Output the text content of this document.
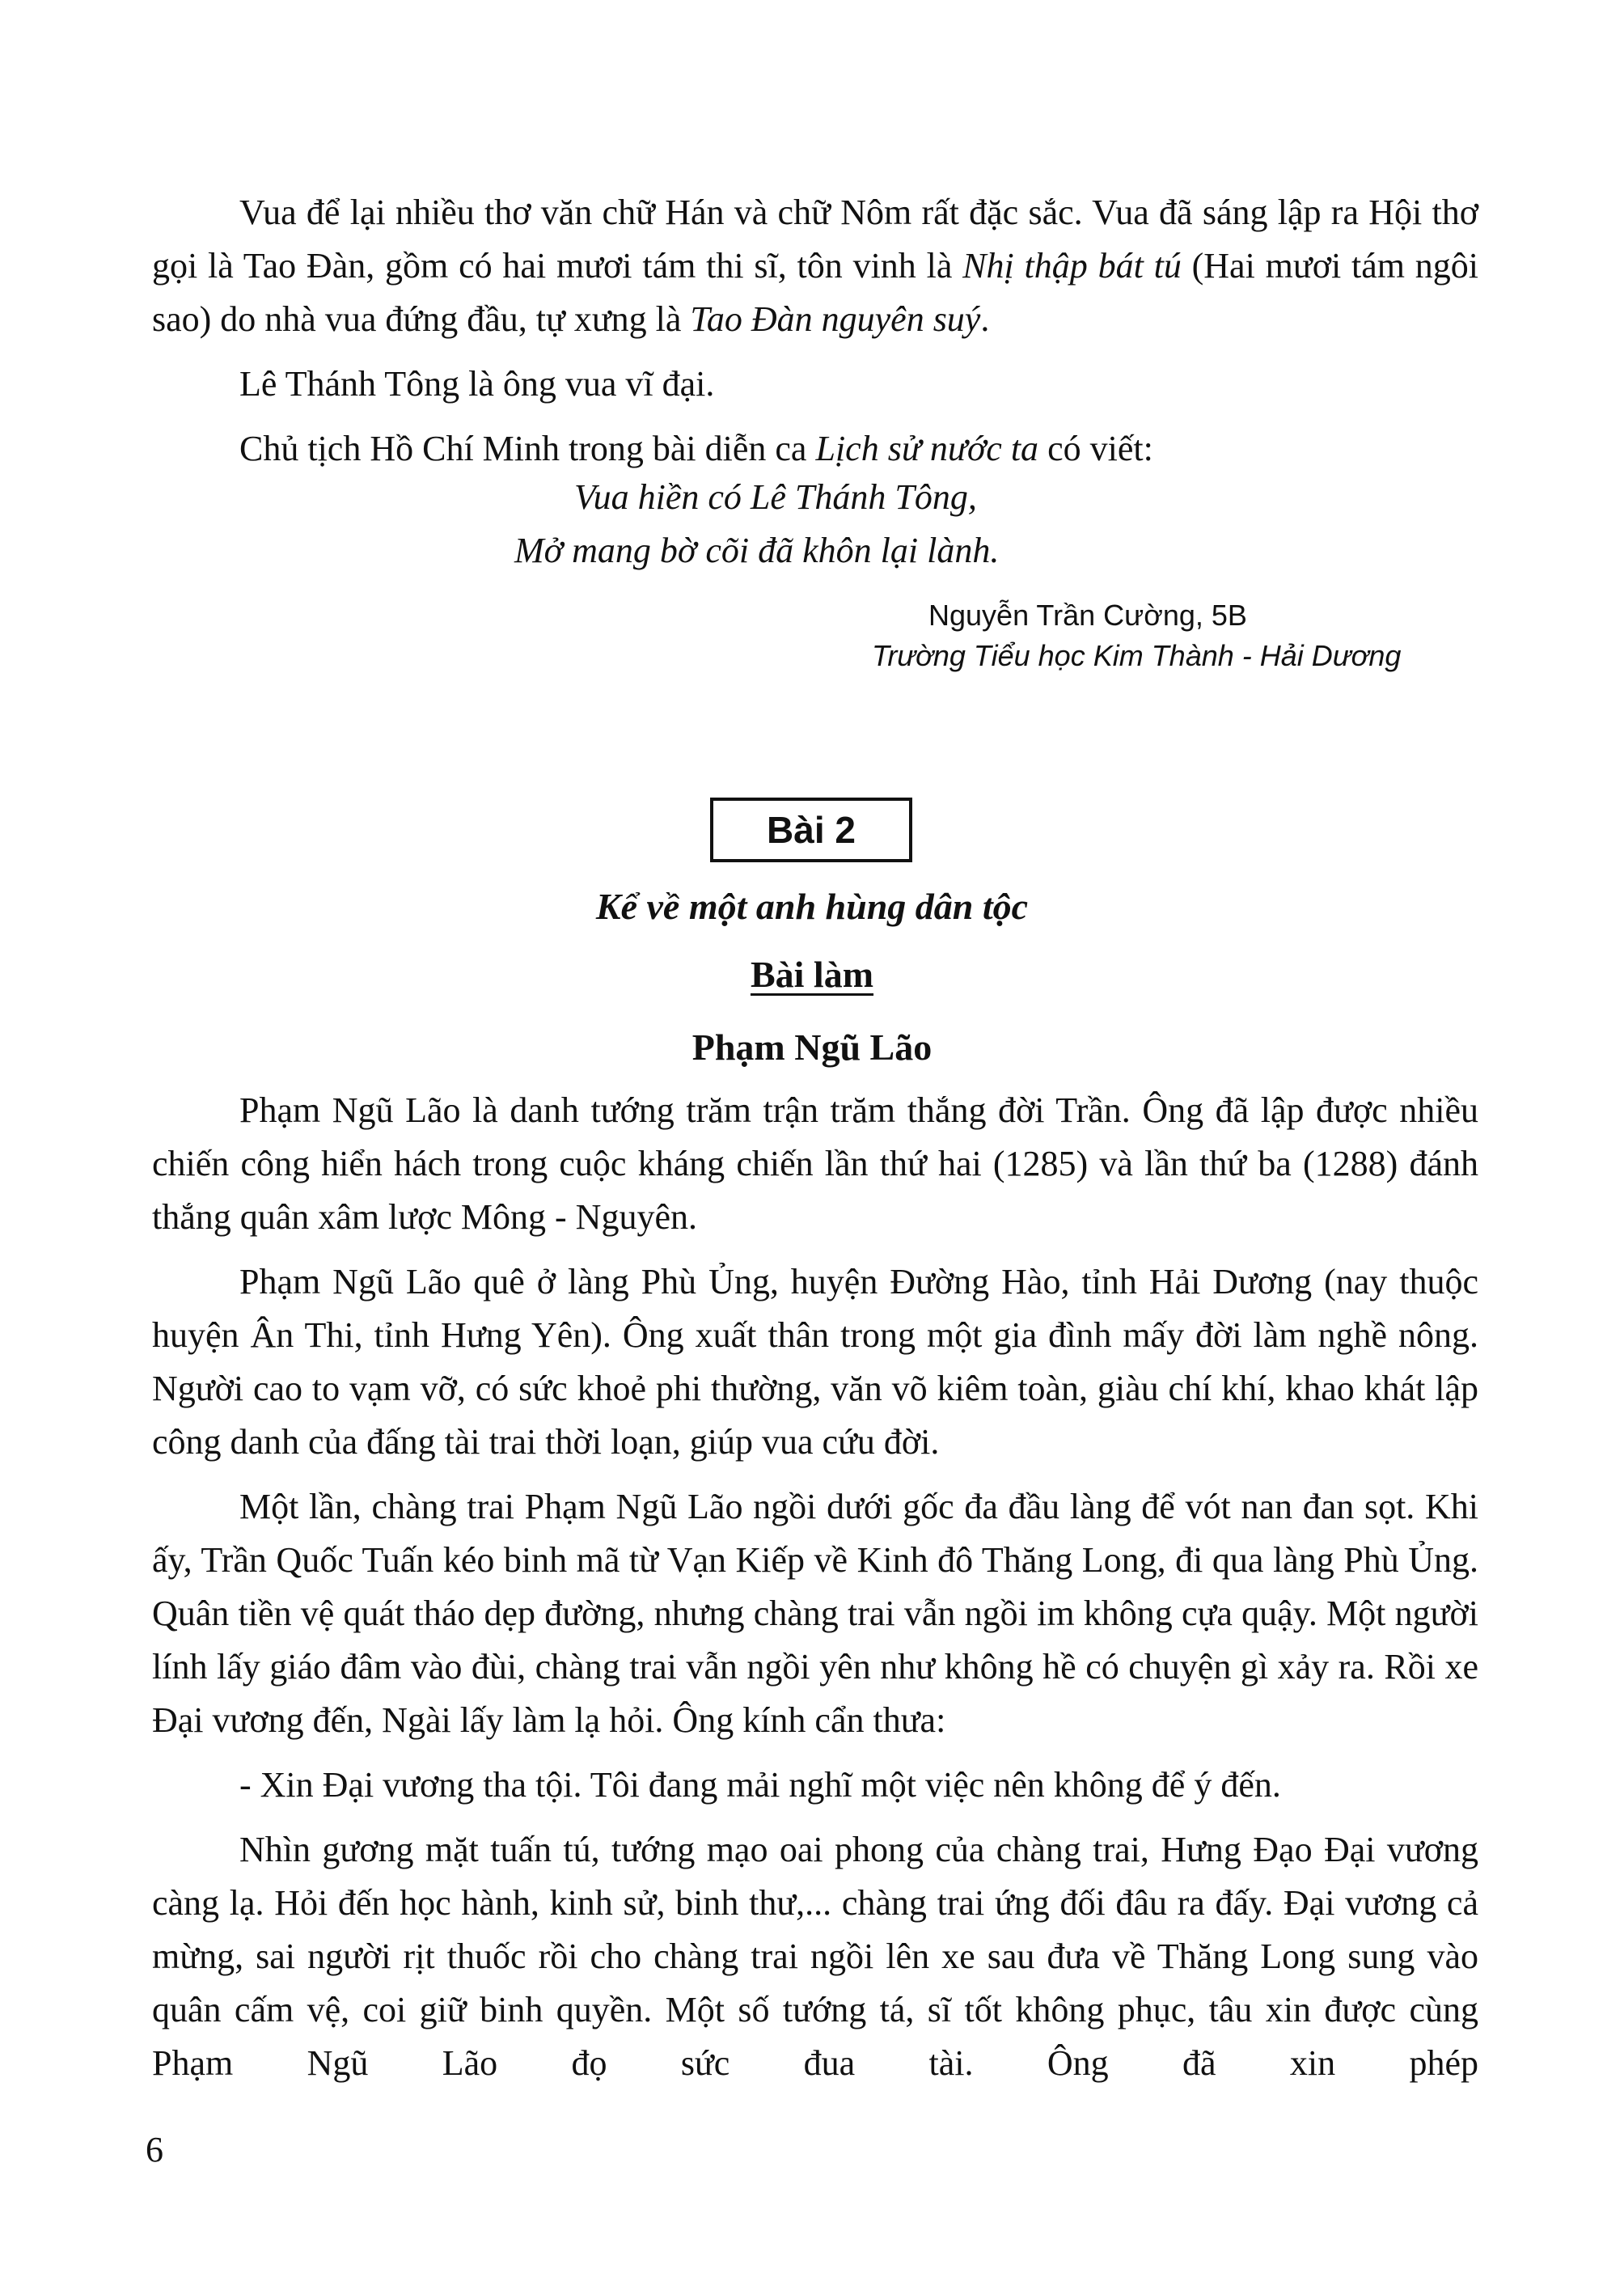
Vua để lại nhiều thơ văn chữ Hán và chữ Nôm rất đặc sắc. Vua đã sáng lập ra Hội thơ gọi là Tao Đàn, gồm có hai mươi tám thi sĩ, tôn vinh là Nhị thập bát tú (Hai mươi tám ngôi sao) do nhà vua đứng đầu, tự xưng là Tao Đàn nguyên suý.

Lê Thánh Tông là ông vua vĩ đại.

Chủ tịch Hồ Chí Minh trong bài diễn ca Lịch sử nước ta có viết:

Vua hiền có Lê Thánh Tông,
Mở mang bờ cõi đã khôn lại lành.
Nguyễn Trần Cường, 5B
Trường Tiểu học Kim Thành - Hải Dương
Bài 2
Kể về một anh hùng dân tộc
Bài làm
Phạm Ngũ Lão

Phạm Ngũ Lão là danh tướng trăm trận trăm thắng đời Trần. Ông đã lập được nhiều chiến công hiển hách trong cuộc kháng chiến lần thứ hai (1285) và lần thứ ba (1288) đánh thắng quân xâm lược Mông - Nguyên.

Phạm Ngũ Lão quê ở làng Phù Ủng, huyện Đường Hào, tỉnh Hải Dương (nay thuộc huyện Ân Thi, tỉnh Hưng Yên). Ông xuất thân trong một gia đình mấy đời làm nghề nông. Người cao to vạm vỡ, có sức khoẻ phi thường, văn võ kiêm toàn, giàu chí khí, khao khát lập công danh của đấng tài trai thời loạn, giúp vua cứu đời.

Một lần, chàng trai Phạm Ngũ Lão ngồi dưới gốc đa đầu làng để vót nan đan sọt. Khi ấy, Trần Quốc Tuấn kéo binh mã từ Vạn Kiếp về Kinh đô Thăng Long, đi qua làng Phù Ủng. Quân tiền vệ quát tháo dẹp đường, nhưng chàng trai vẫn ngồi im không cựa quậy. Một người lính lấy giáo đâm vào đùi, chàng trai vẫn ngồi yên như không hề có chuyện gì xảy ra. Rồi xe Đại vương đến, Ngài lấy làm lạ hỏi. Ông kính cẩn thưa:

- Xin Đại vương tha tội. Tôi đang mải nghĩ một việc nên không để ý đến.

Nhìn gương mặt tuấn tú, tướng mạo oai phong của chàng trai, Hưng Đạo Đại vương càng lạ. Hỏi đến học hành, kinh sử, binh thư,... chàng trai ứng đối đâu ra đấy. Đại vương cả mừng, sai người rịt thuốc rồi cho chàng trai ngồi lên xe sau đưa về Thăng Long sung vào quân cấm vệ, coi giữ binh quyền. Một số tướng tá, sĩ tốt không phục, tâu xin được cùng Phạm Ngũ Lão đọ sức đua tài. Ông đã xin phép

6
